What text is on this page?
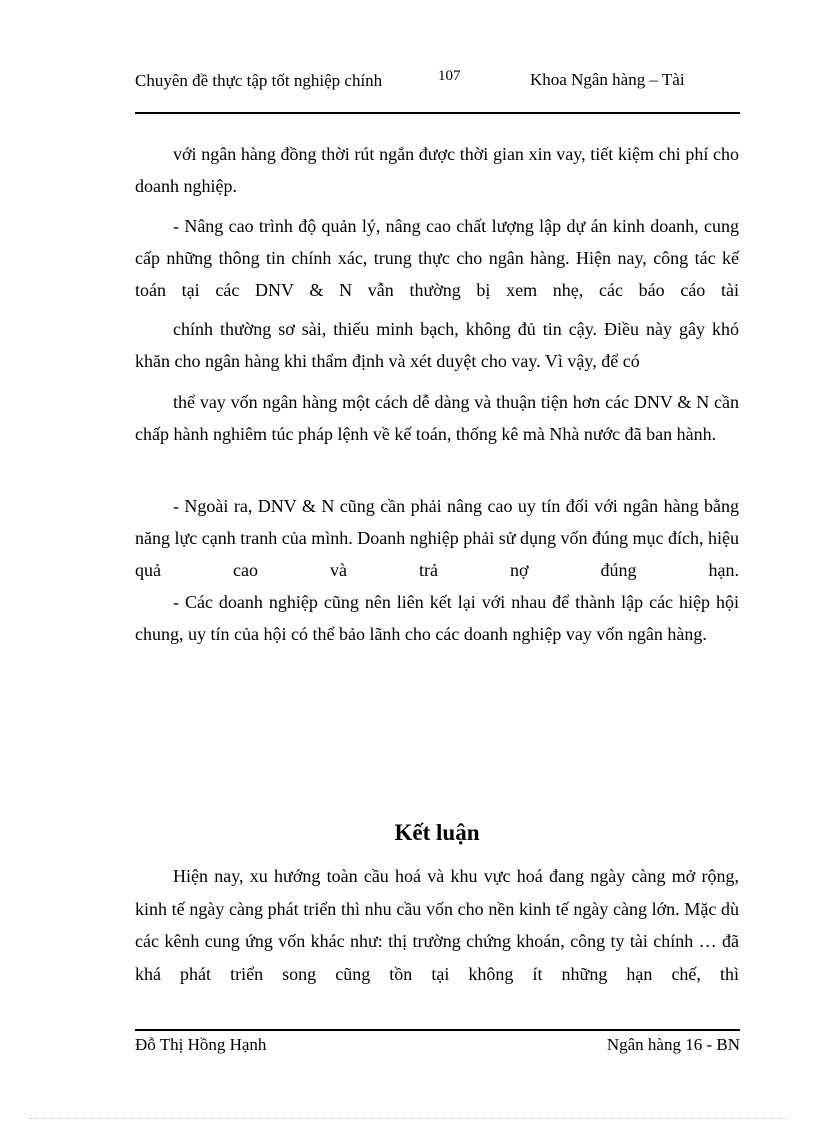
Chuyên đề thực tập tốt nghiệp chính	107	Khoa Ngân hàng – Tài

với ngân hàng đồng thời rút ngắn được thời gian xin vay, tiết kiệm chi phí cho doanh nghiệp.

- Nâng cao trình độ quản lý, nâng cao chất lượng lập dự án kinh doanh, cung cấp những thông tin chính xác, trung thực cho ngân hàng. Hiện nay, công tác kế toán tại các DNV & N vẫn thường bị xem nhẹ, các báo cáo tài

chính thường sơ sài, thiếu minh bạch, không đủ tin cậy. Điều này gây khó khăn cho ngân hàng khi thẩm định và xét duyệt cho vay. Vì vậy, để có

thể vay vốn ngân hàng một cách dễ dàng và thuận tiện hơn các DNV & N cần chấp hành nghiêm túc pháp lệnh về kế toán, thống kê mà Nhà nước đã ban hành.

- Ngoài ra, DNV & N cũng cần phải nâng cao uy tín đối với ngân hàng bằng năng lực cạnh tranh của mình. Doanh nghiệp phải sử dụng vốn đúng mục đích, hiệu quả cao và trả nợ đúng hạn.

- Các doanh nghiệp cũng nên liên kết lại với nhau để thành lập các hiệp hội chung, uy tín của hội có thể bảo lãnh cho các doanh nghiệp vay vốn ngân hàng.

Kết luận

Hiện nay, xu hướng toàn cầu hoá và khu vực hoá đang ngày càng mở rộng, kinh tế ngày càng phát triển thì nhu cầu vốn cho nền kinh tế ngày càng lớn. Mặc dù các kênh cung ứng vốn khác như: thị trường chứng khoán, công ty tài chính … đã khá phát triển song cũng tồn tại không ít những hạn chế, thì

Đỗ Thị Hồng Hạnh	Ngân hàng 16 - BN
